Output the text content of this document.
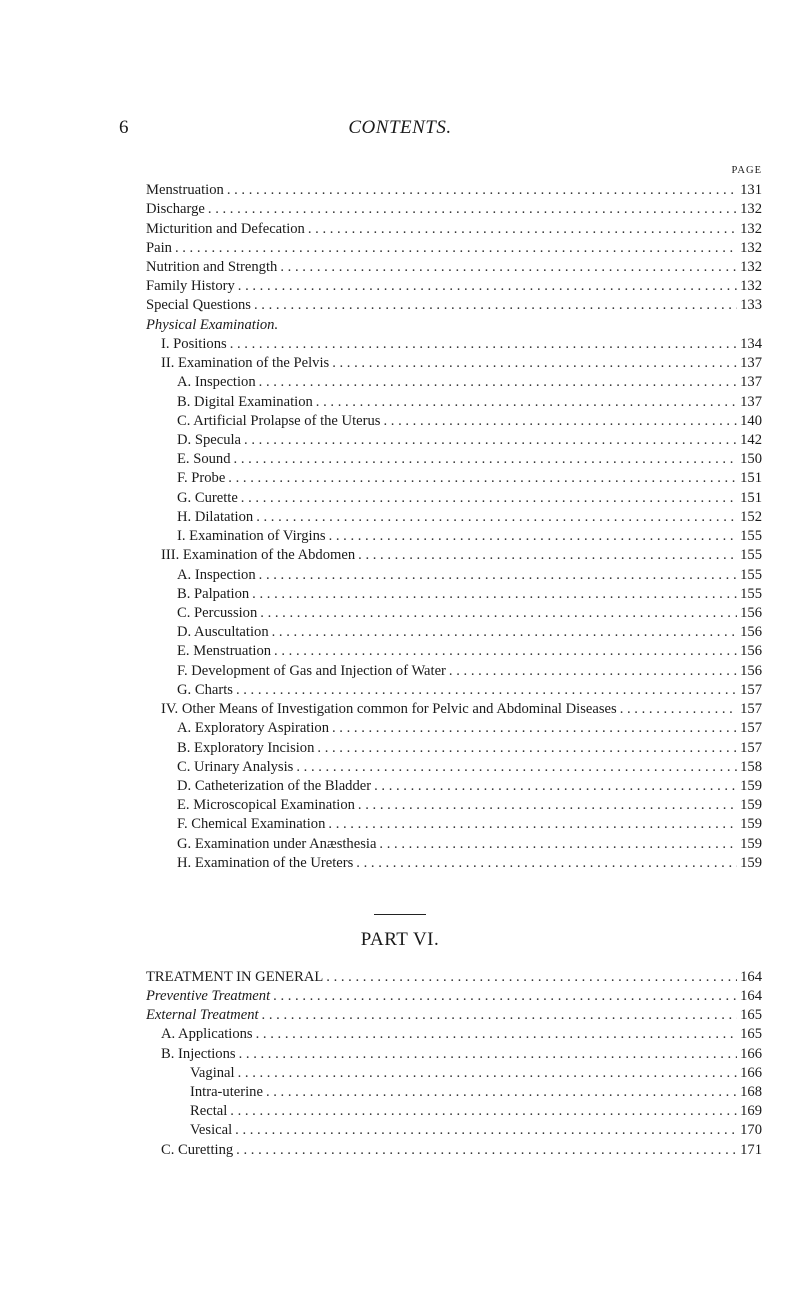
6	CONTENTS.
PAGE
Menstruation . . .	131
Discharge . . .	132
Micturition and Defecation . . .	132
Pain . . .	132
Nutrition and Strength . . .	132
Family History . . .	132
Special Questions . . .	133
Physical Examination.
I. Positions . . .	134
II. Examination of the Pelvis . . .	137
A. Inspection . . .	137
B. Digital Examination . . .	137
C. Artificial Prolapse of the Uterus . . .	140
D. Specula . . .	142
E. Sound . . .	150
F. Probe . . .	151
G. Curette . . .	151
H. Dilatation . . .	152
I. Examination of Virgins . . .	155
III. Examination of the Abdomen . . .	155
A. Inspection . . .	155
B. Palpation . . .	155
C. Percussion . . .	156
D. Auscultation . . .	156
E. Menstruation . . .	156
F. Development of Gas and Injection of Water . . .	156
G. Charts . . .	157
IV. Other Means of Investigation common for Pelvic and Abdominal Diseases . . .	157
A. Exploratory Aspiration . . .	157
B. Exploratory Incision . . .	157
C. Urinary Analysis . . .	158
D. Catheterization of the Bladder . . .	159
E. Microscopical Examination . . .	159
F. Chemical Examination . . .	159
G. Examination under Anæsthesia . . .	159
H. Examination of the Ureters . . .	159
PART VI.
TREATMENT IN GENERAL . . .	164
Preventive Treatment . . .	164
External Treatment . . .	165
A. Applications . . .	165
B. Injections . . .	166
Vaginal . . .	166
Intra-uterine . . .	168
Rectal . . .	169
Vesical . . .	170
C. Curetting . . .	171
